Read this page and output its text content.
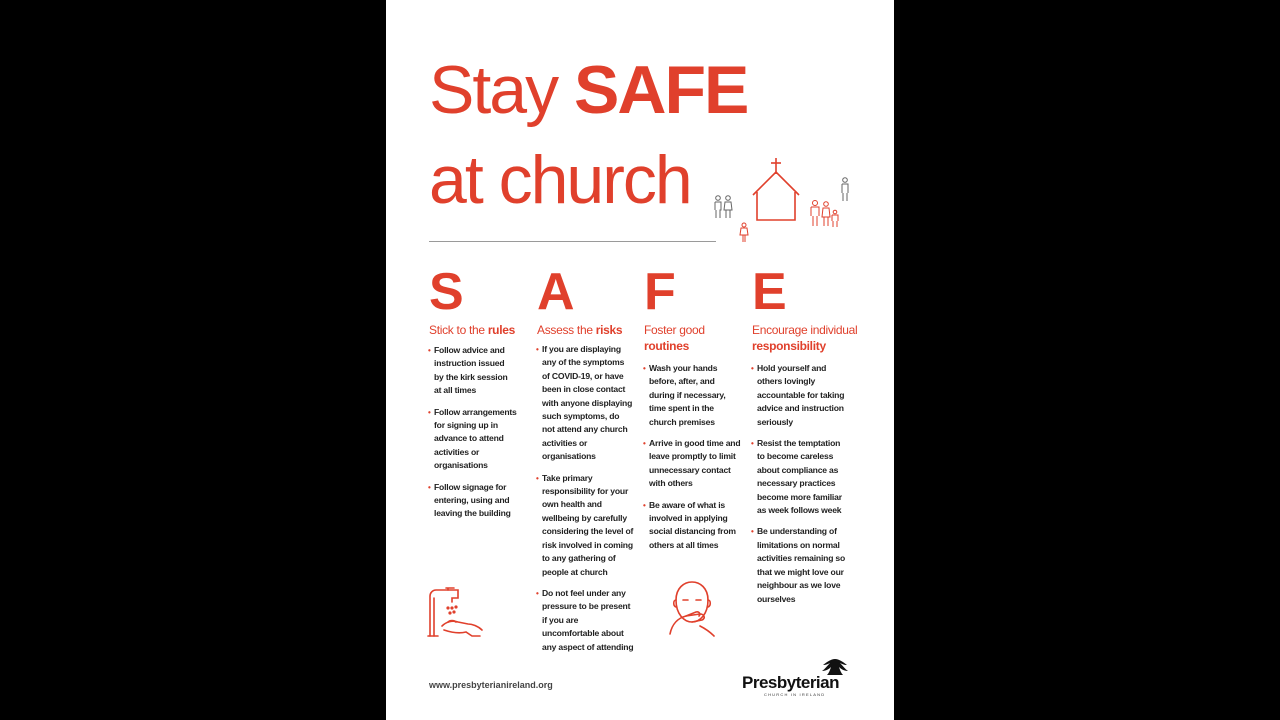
Stay SAFE
at church
S
Stick to the rules
• Follow advice and instruction issued by the kirk session at all times
• Follow arrangements for signing up in advance to attend activities or organisations
• Follow signage for entering, using and leaving the building
A
Assess the risks
• If you are displaying any of the symptoms of COVID-19, or have been in close contact with anyone displaying such symptoms, do not attend any church activities or organisations
• Take primary responsibility for your own health and wellbeing by carefully considering the level of risk involved in coming to any gathering of people at church
• Do not feel under any pressure to be present if you are uncomfortable about any aspect of attending
F
Foster good
routines
• Wash your hands before, after, and during if necessary, time spent in the church premises
• Arrive in good time and leave promptly to limit unnecessary contact with others
• Be aware of what is involved in applying social distancing from others at all times
E
Encourage individual
responsibility
• Hold yourself and others lovingly accountable for taking advice and instruction seriously
• Resist the temptation to become careless about compliance as necessary practices become more familiar as week follows week
• Be understanding of limitations on normal activities remaining so that we might love our neighbour as we love ourselves
www.presbyterianireland.org	Presbyterian
CHURCH IN IRELAND
